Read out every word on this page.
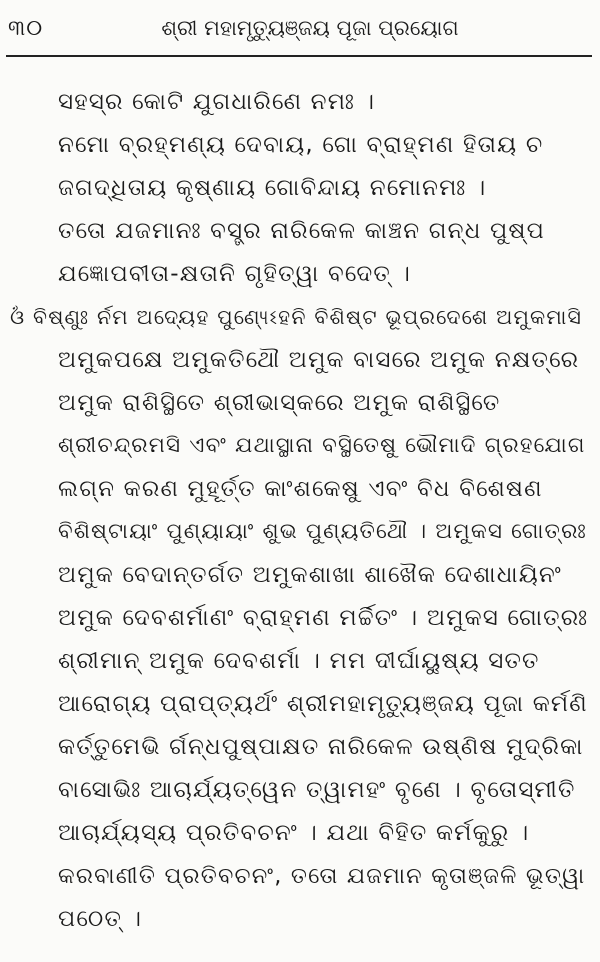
୩୦	ଶ୍ରୀ ମହାମୃତ୍ୟୁଞ୍ଜୟ ପୂଜା ପ୍ରୟୋଗ
ସହସ୍ର କୋଟି ଯୁଗଧାରିଣେ ନମଃ ।
ନମୋ ବ୍ରହ୍ମଣ୍ୟ ଦେବାୟ, ଗୋ ବ୍ରାହ୍ମଣ ହିତାୟ ଚ
ଜଗଦ୍ଧିତାୟ କୃଷ୍ଣାୟ ଗୋବିନ୍ଦାୟ ନମୋନମଃ ।
ତତୋ ଯଜମାନଃ ବସ୍ତ୍ର ନାରିକେଳ କାଞ୍ଚନ ଗନ୍ଧ ପୁଷ୍ପ
ଯଜ୍ଞୋପବୀତା-କ୍ଷତାନି ଗୃହିତ୍ୱା ବଦେତ୍ ।
ଓଁ ବିଷ୍ଣୁଃ ର୍ନମ ଅଦ୍ୟେହ ପୁଣ୍ୟେ୍ଽହନି ବିଶିଷ୍ଟ ଭୂପ୍ରଦେଶେ ଅମୁକମାସି
ଅମୁକପକ୍ଷେ ଅମୁକତିଥୌ ଅମୁକ ବାସରେ ଅମୁକ ନକ୍ଷତ୍ରେ
ଅମୁକ ରାଶିସ୍ଥିତେ ଶ୍ରୀଭାସ୍କରେ ଅମୁକ ରାଶିସ୍ଥିତେ
ଶ୍ରୀଚନ୍ଦ୍ରମସି ଏବଂ ଯଥାସ୍ଥାନା ବସ୍ଥିତେଷୁ ଭୌମାଦି ଗ୍ରହଯୋଗ
ଲଗ୍ନ କରଣ ମୁହୂର୍ତ୍ତ କାଂଶକେଷୁ ଏବଂ ବିଧ ବିଶେଷଣ
ବିଶିଷ୍ଟାୟାଂ ପୁଣ୍ୟାୟାଂ ଶୁଭ ପୁଣ୍ୟତିଥୌ । ଅମୁକସ ଗୋତ୍ରଃ
ଅମୁକ ବେଦାନ୍ତର୍ଗତ ଅମୁକଶାଖା ଶାଖୈକ ଦେଶାଧାୟିନଂ
ଅମୁକ ଦେବଶର୍ମାଣଂ ବ୍ରାହ୍ମଣ ମର୍ଚ୍ଚିତଂ । ଅମୁକସ ଗୋତ୍ରଃ
ଶ୍ରୀମାନ୍ ଅମୁକ ଦେବଶର୍ମା । ମମ ଦୀର୍ଘାୟୁଷ୍ୟ ସତତ
ଆରୋଗ୍ୟ ପ୍ରାପ୍ତ୍ୟର୍ଥଂ ଶ୍ରୀମହାମୃତ୍ୟୁଞ୍ଜୟ ପୂଜା କର୍ମଣି
କର୍ତ୍ତୁମେଭି ର୍ଗନ୍ଧପୁଷ୍ପାକ୍ଷତ ନାରିକେଳ ଉଷ୍ଣିଷ ମୁଦ୍ରିକା
ବାସୋଭିଃ ଆଚାର୍ଯ୍ୟତ୍ୱେନ ତ୍ୱାମହଂ ବୃଣେ । ବୃତୋସ୍ମୀତି
ଆଚାର୍ଯ୍ୟସ୍ୟ ପ୍ରତିବଚନଂ । ଯଥା ବିହିତ କର୍ମକୁରୁ ।
କରବାଣୀତି ପ୍ରତିବଚନଂ, ତତୋ ଯଜମାନ କୃତାଞ୍ଜଳି ଭୂତ୍ୱା
ପଠେତ୍ ।
